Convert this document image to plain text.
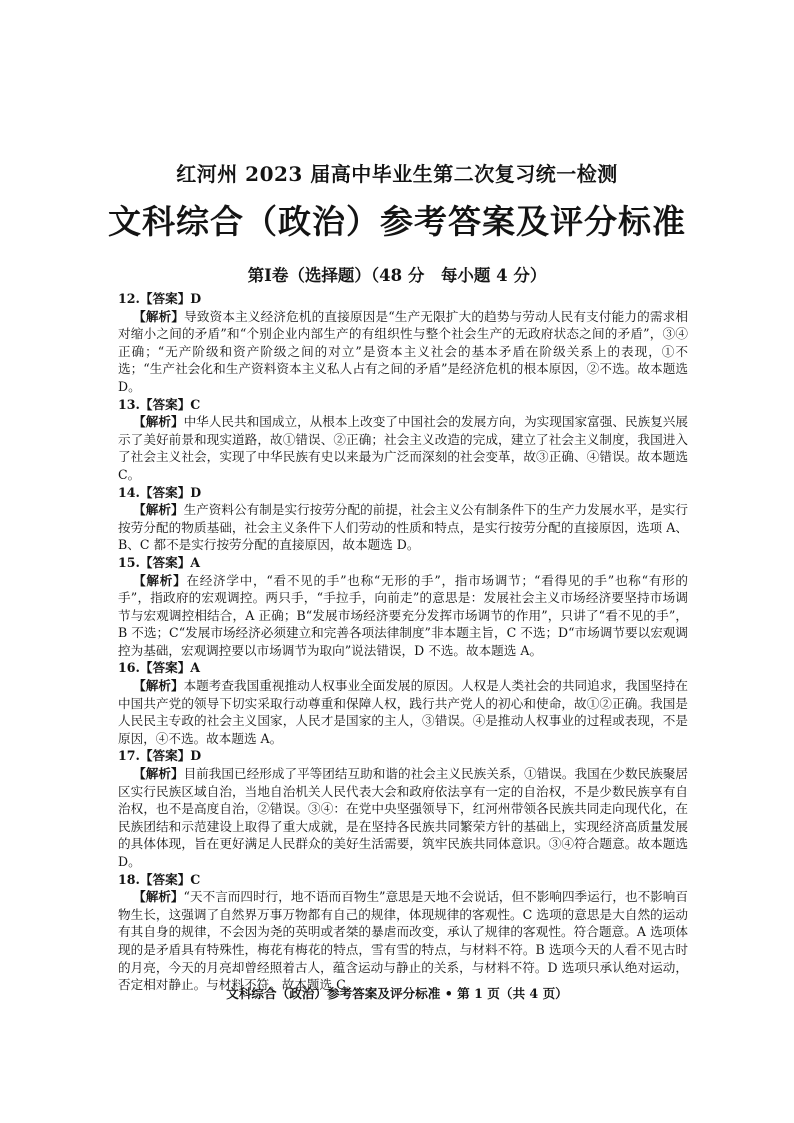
红河州 2023 届高中毕业生第二次复习统一检测
文科综合（政治）参考答案及评分标准
第Ⅰ卷（选择题）（48 分　每小题 4 分）

12.【答案】D

【解析】导致资本主义经济危机的直接原因是“生产无限扩大的趋势与劳动人民有支付能力的需求相对缩小之间的矛盾”和“个别企业内部生产的有组织性与整个社会生产的无政府状态之间的矛盾”，③④正确；“无产阶级和资产阶级之间的对立”是资本主义社会的基本矛盾在阶级关系上的表现，①不选；“生产社会化和生产资料资本主义私人占有之间的矛盾”是经济危机的根本原因，②不选。故本题选 D。

13.【答案】C

【解析】中华人民共和国成立，从根本上改变了中国社会的发展方向，为实现国家富强、民族复兴展示了美好前景和现实道路，故①错误、②正确；社会主义改造的完成，建立了社会主义制度，我国进入了社会主义社会，实现了中华民族有史以来最为广泛而深刻的社会变革，故③正确、④错误。故本题选 C。

14.【答案】D

【解析】生产资料公有制是实行按劳分配的前提，社会主义公有制条件下的生产力发展水平，是实行按劳分配的物质基础，社会主义条件下人们劳动的性质和特点，是实行按劳分配的直接原因，选项 A、B、C 都不是实行按劳分配的直接原因，故本题选 D。

15.【答案】A

【解析】在经济学中，“看不见的手”也称“无形的手”，指市场调节；“看得见的手”也称“有形的手”，指政府的宏观调控。两只手，“手拉手，向前走”的意思是：发展社会主义市场经济要坚持市场调节与宏观调控相结合，A 正确；B“发展市场经济要充分发挥市场调节的作用”，只讲了“看不见的手”，B 不选；C“发展市场经济必须建立和完善各项法律制度”非本题主旨，C 不选；D“市场调节要以宏观调控为基础，宏观调控要以市场调节为取向”说法错误，D 不选。故本题选 A。

16.【答案】A

【解析】本题考查我国重视推动人权事业全面发展的原因。人权是人类社会的共同追求，我国坚持在中国共产党的领导下切实采取行动尊重和保障人权，践行共产党人的初心和使命，故①②正确。我国是人民民主专政的社会主义国家，人民才是国家的主人，③错误。④是推动人权事业的过程或表现，不是原因，④不选。故本题选 A。

17.【答案】D

【解析】目前我国已经形成了平等团结互助和谐的社会主义民族关系，①错误。我国在少数民族聚居区实行民族区域自治，当地自治机关人民代表大会和政府依法享有一定的自治权，不是少数民族享有自治权，也不是高度自治，②错误。③④：在党中央坚强领导下，红河州带领各民族共同走向现代化，在民族团结和示范建设上取得了重大成就，是在坚持各民族共同繁荣方针的基础上，实现经济高质量发展的具体体现，旨在更好满足人民群众的美好生活需要，筑牢民族共同体意识。③④符合题意。故本题选 D。

18.【答案】C

【解析】“天不言而四时行，地不语而百物生”意思是天地不会说话，但不影响四季运行，也不影响百物生长，这强调了自然界万事万物都有自己的规律，体现规律的客观性。C 选项的意思是大自然的运动有其自身的规律，不会因为尧的英明或者桀的暴虐而改变，承认了规律的客观性。符合题意。A 选项体现的是矛盾具有特殊性，梅花有梅花的特点，雪有雪的特点，与材料不符。B 选项今天的人看不见古时的月亮，今天的月亮却曾经照着古人，蕴含运动与静止的关系，与材料不符。D 选项只承认绝对运动，否定相对静止。与材料不符。故本题选 C。

文科综合（政治）参考答案及评分标准 • 第 1 页（共 4 页）
